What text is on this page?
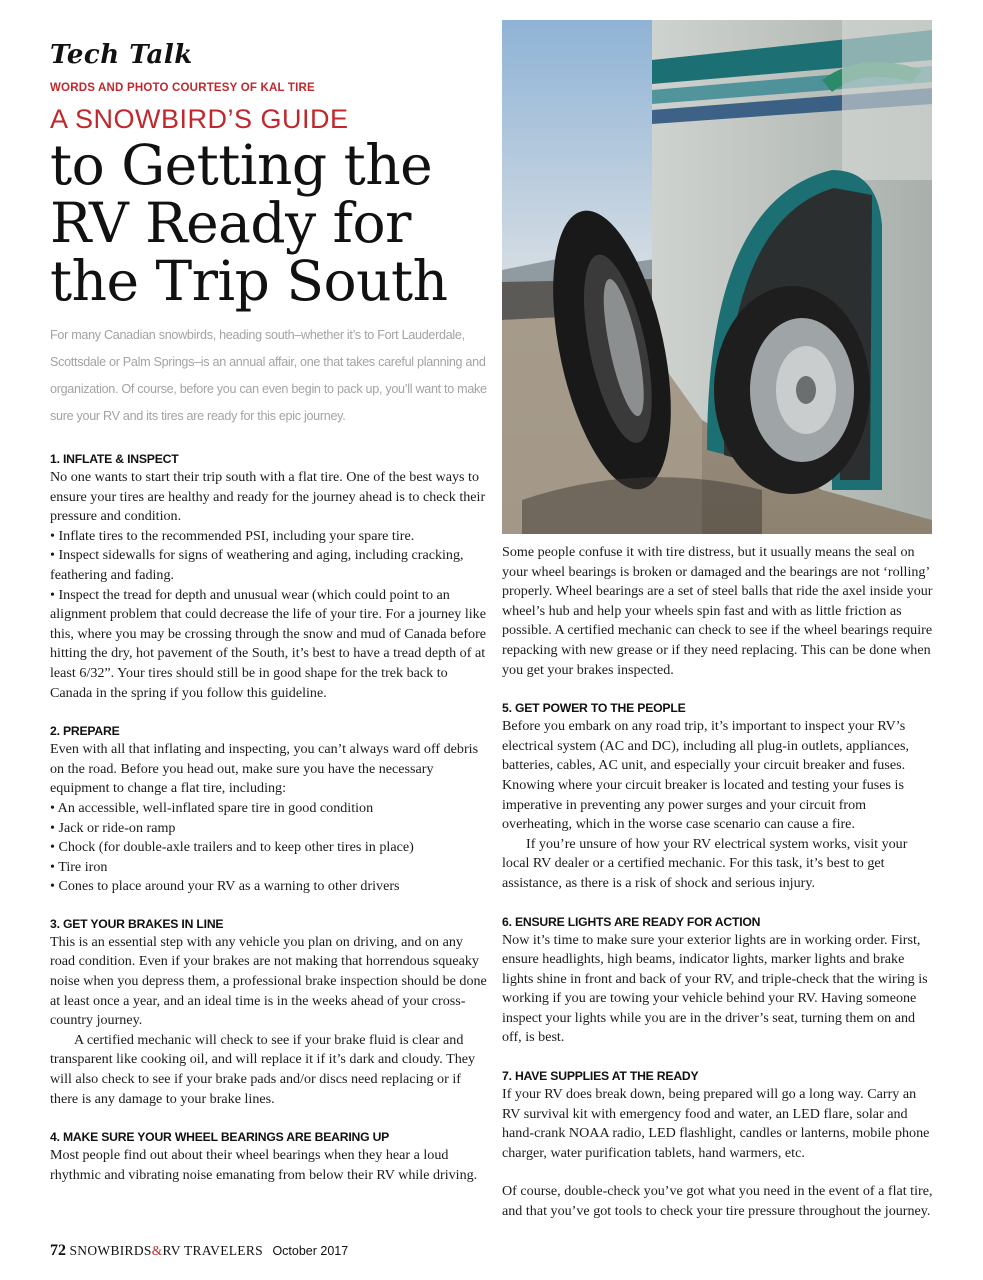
Tech Talk
WORDS AND PHOTO COURTESY OF KAL TIRE
A SNOWBIRD’S GUIDE
to Getting the
RV Ready for
the Trip South

For many Canadian snowbirds, heading south–whether it’s to Fort Lauderdale, Scottsdale or Palm Springs–is an annual affair, one that takes careful planning and organization. Of course, before you can even begin to pack up, you’ll want to make sure your RV and its tires are ready for this epic journey.

1. INFLATE & INSPECT

No one wants to start their trip south with a flat tire. One of the best ways to ensure your tires are healthy and ready for the journey ahead is to check their pressure and condition.

• Inflate tires to the recommended PSI, including your spare tire.
• Inspect sidewalls for signs of weathering and aging, including cracking, feathering and fading.
• Inspect the tread for depth and unusual wear (which could point to an alignment problem that could decrease the life of your tire. For a journey like this, where you may be crossing through the snow and mud of Canada before hitting the dry, hot pavement of the South, it’s best to have a tread depth of at least 6/32”. Your tires should still be in good shape for the trek back to Canada in the spring if you follow this guideline.
2. PREPARE

Even with all that inflating and inspecting, you can’t always ward off debris on the road. Before you head out, make sure you have the necessary equipment to change a flat tire, including:

• An accessible, well-inflated spare tire in good condition
• Jack or ride-on ramp
• Chock (for double-axle trailers and to keep other tires in place)
• Tire iron
• Cones to place around your RV as a warning to other drivers
3. GET YOUR BRAKES IN LINE

This is an essential step with any vehicle you plan on driving, and on any road condition. Even if your brakes are not making that horrendous squeaky noise when you depress them, a professional brake inspection should be done at least once a year, and an ideal time is in the weeks ahead of your cross-country journey.

A certified mechanic will check to see if your brake fluid is clear and transparent like cooking oil, and will replace it if it’s dark and cloudy. They will also check to see if your brake pads and/or discs need replacing or if there is any damage to your brake lines.

4. MAKE SURE YOUR WHEEL BEARINGS ARE BEARING UP

Most people find out about their wheel bearings when they hear a loud rhythmic and vibrating noise emanating from below their RV while driving.

Some people confuse it with tire distress, but it usually means the seal on your wheel bearings is broken or damaged and the bearings are not ‘rolling’ properly. Wheel bearings are a set of steel balls that ride the axel inside your wheel’s hub and help your wheels spin fast and with as little friction as possible. A certified mechanic can check to see if the wheel bearings require repacking with new grease or if they need replacing. This can be done when you get your brakes inspected.

5. GET POWER TO THE PEOPLE

Before you embark on any road trip, it’s important to inspect your RV’s electrical system (AC and DC), including all plug-in outlets, appliances, batteries, cables, AC unit, and especially your circuit breaker and fuses. Knowing where your circuit breaker is located and testing your fuses is imperative in preventing any power surges and your circuit from overheating, which in the worse case scenario can cause a fire.

If you’re unsure of how your RV electrical system works, visit your local RV dealer or a certified mechanic. For this task, it’s best to get assistance, as there is a risk of shock and serious injury.

6. ENSURE LIGHTS ARE READY FOR ACTION

Now it’s time to make sure your exterior lights are in working order. First, ensure headlights, high beams, indicator lights, marker lights and brake lights shine in front and back of your RV, and triple-check that the wiring is working if you are towing your vehicle behind your RV. Having someone inspect your lights while you are in the driver’s seat, turning them on and off, is best.

7. HAVE SUPPLIES AT THE READY

If your RV does break down, being prepared will go a long way. Carry an RV survival kit with emergency food and water, an LED flare, solar and hand-crank NOAA radio, LED flashlight, candles or lanterns, mobile phone charger, water purification tablets, hand warmers, etc.

Of course, double-check you’ve got what you need in the event of a flat tire, and that you’ve got tools to check your tire pressure throughout the journey.

72 SNOWBIRDS&RV TRAVELERS October 2017
